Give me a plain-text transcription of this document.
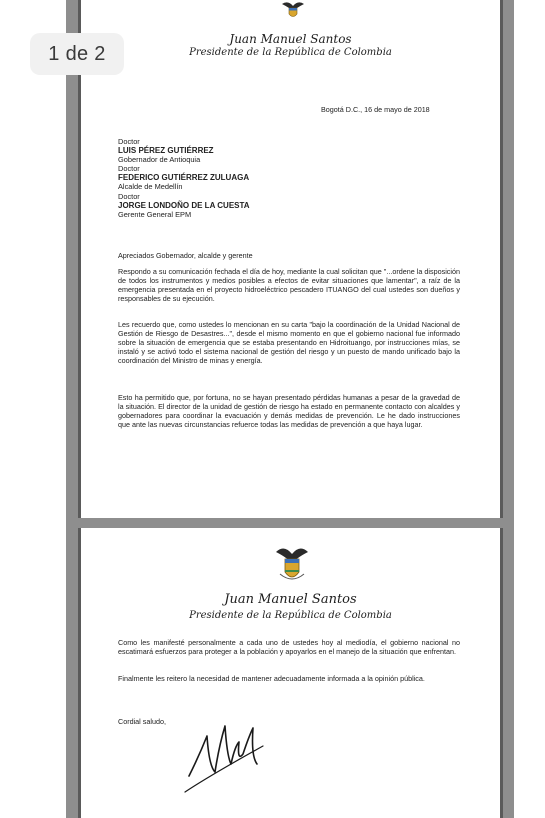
Juan Manuel Santos
Presidente de la República de Colombia
Bogotá D.C., 16 de mayo de 2018
Doctor
LUIS PÉREZ GUTIÉRREZ
Gobernador de Antioquia
Doctor
FEDERICO GUTIÉRREZ ZULUAGA
Alcalde de Medellín
Doctor
JORGE LONDOÑO DE LA CUESTA
Gerente General EPM
Apreciados Gobernador, alcalde y gerente
Respondo a su comunicación fechada el día de hoy, mediante la cual solicitan que "...ordene la disposición de todos los instrumentos y medios posibles a efectos de evitar situaciones que lamentar", a raíz de la emergencia presentada en el proyecto hidroeléctrico pescadero ITUANGO del cual ustedes son dueños y responsables de su ejecución.
Les recuerdo que, como ustedes lo mencionan en su carta "bajo la coordinación de la Unidad Nacional de Gestión de Riesgo de Desastres...", desde el mismo momento en que el gobierno nacional fue informado sobre la situación de emergencia que se estaba presentando en Hidroituango, por instrucciones mías, se instaló y se activó todo el sistema nacional de gestión del riesgo y un puesto de mando unificado bajo la coordinación del Ministro de minas y energía.
Esto ha permitido que, por fortuna, no se hayan presentado pérdidas humanas a pesar de la gravedad de la situación. El director de la unidad de gestión de riesgo ha estado en permanente contacto con alcaldes y gobernadores para coordinar la evacuación y demás medidas de prevención. Le he dado instrucciones que ante las nuevas circunstancias refuerce todas las medidas de prevención a que haya lugar.
Juan Manuel Santos
Presidente de la República de Colombia
Como les manifesté personalmente a cada uno de ustedes hoy al mediodía, el gobierno nacional no escatimará esfuerzos para proteger a la población y apoyarlos en el manejo de la situación que enfrentan.
Finalmente les reitero la necesidad de mantener adecuadamente informada a la opinión pública.
Cordial saludo,
1 de 2
